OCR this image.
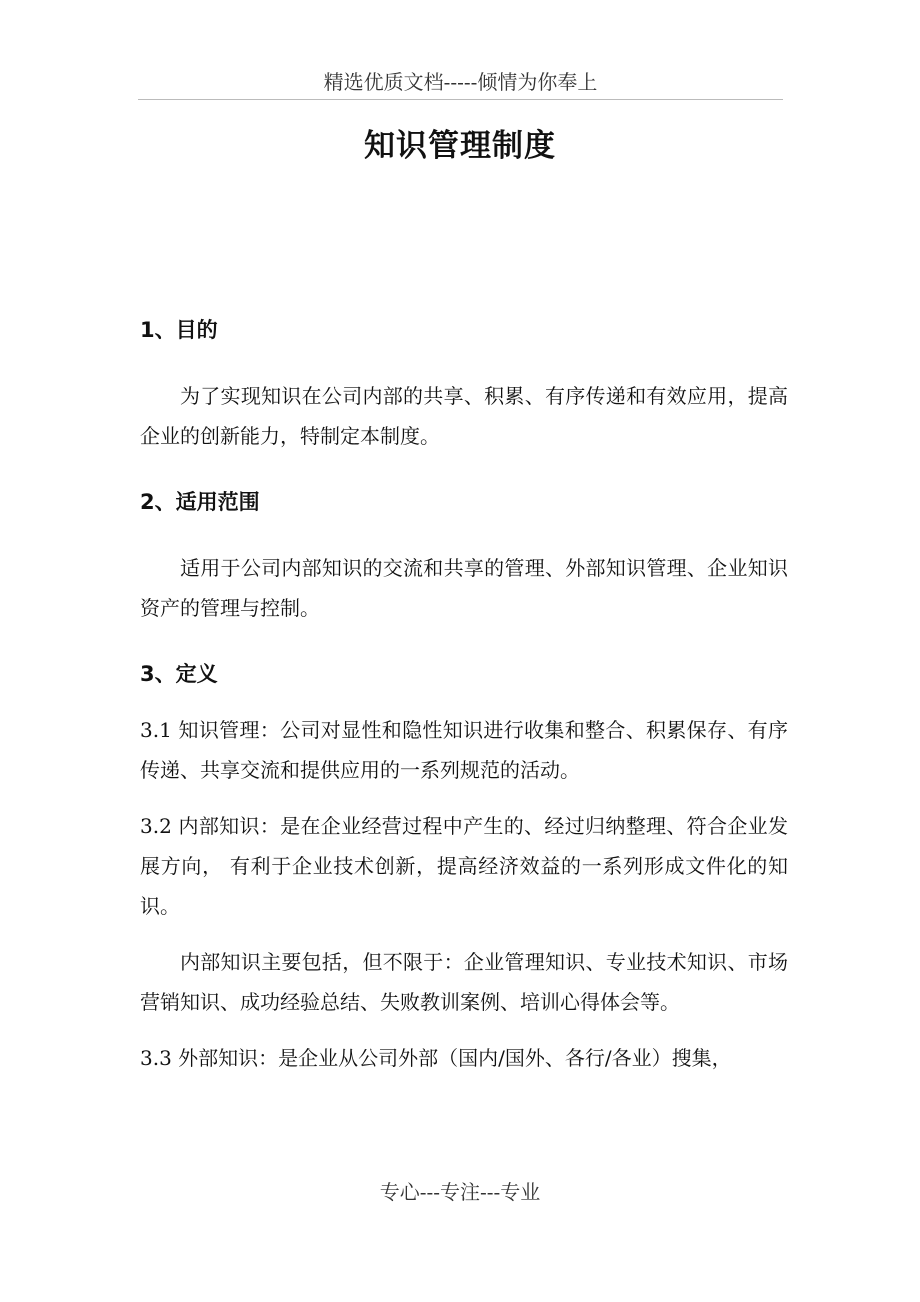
精选优质文档-----倾情为你奉上
知识管理制度

1、目的

为了实现知识在公司内部的共享、积累、有序传递和有效应用，提高企业的创新能力，特制定本制度。

2、适用范围

适用于公司内部知识的交流和共享的管理、外部知识管理、企业知识资产的管理与控制。

3、定义

3.1 知识管理：公司对显性和隐性知识进行收集和整合、积累保存、有序传递、共享交流和提供应用的一系列规范的活动。

3.2 内部知识：是在企业经营过程中产生的、经过归纳整理、符合企业发展方向， 有利于企业技术创新，提高经济效益的一系列形成文件化的知识。

内部知识主要包括，但不限于：企业管理知识、专业技术知识、市场营销知识、成功经验总结、失败教训案例、培训心得体会等。

3.3 外部知识：是企业从公司外部（国内/国外、各行/各业）搜集，

专心---专注---专业
